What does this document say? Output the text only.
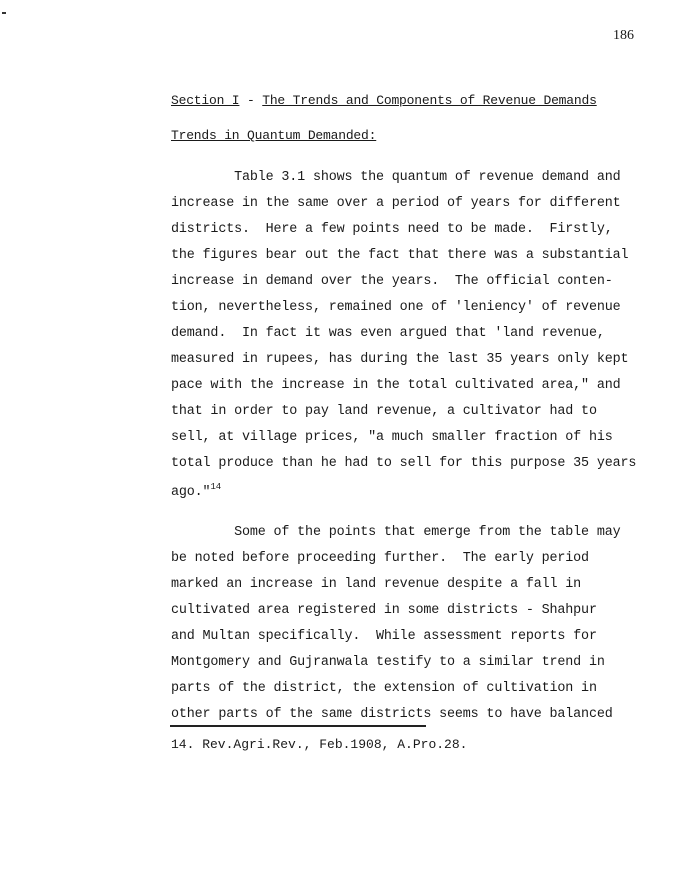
186
Section I - The Trends and Components of Revenue Demands
Trends in Quantum Demanded:
Table 3.1 shows the quantum of revenue demand and
increase in the same over a period of years for different
districts.  Here a few points need to be made.  Firstly,
the figures bear out the fact that there was a substantial
increase in demand over the years.  The official conten-
tion, nevertheless, remained one of 'leniency' of revenue
demand.  In fact it was even argued that 'land revenue,
measured in rupees, has during the last 35 years only kept
pace with the increase in the total cultivated area," and
that in order to pay land revenue, a cultivator had to
sell, at village prices, "a much smaller fraction of his
total produce than he had to sell for this purpose 35 years
ago."$^{14}$
Some of the points that emerge from the table may
be noted before proceeding further.  The early period
marked an increase in land revenue despite a fall in
cultivated area registered in some districts - Shahpur
and Multan specifically.  While assessment reports for
Montgomery and Gujranwala testify to a similar trend in
parts of the district, the extension of cultivation in
other parts of the same districts seems to have balanced
14. Rev.Agri.Rev., Feb.1908, A.Pro.28.
